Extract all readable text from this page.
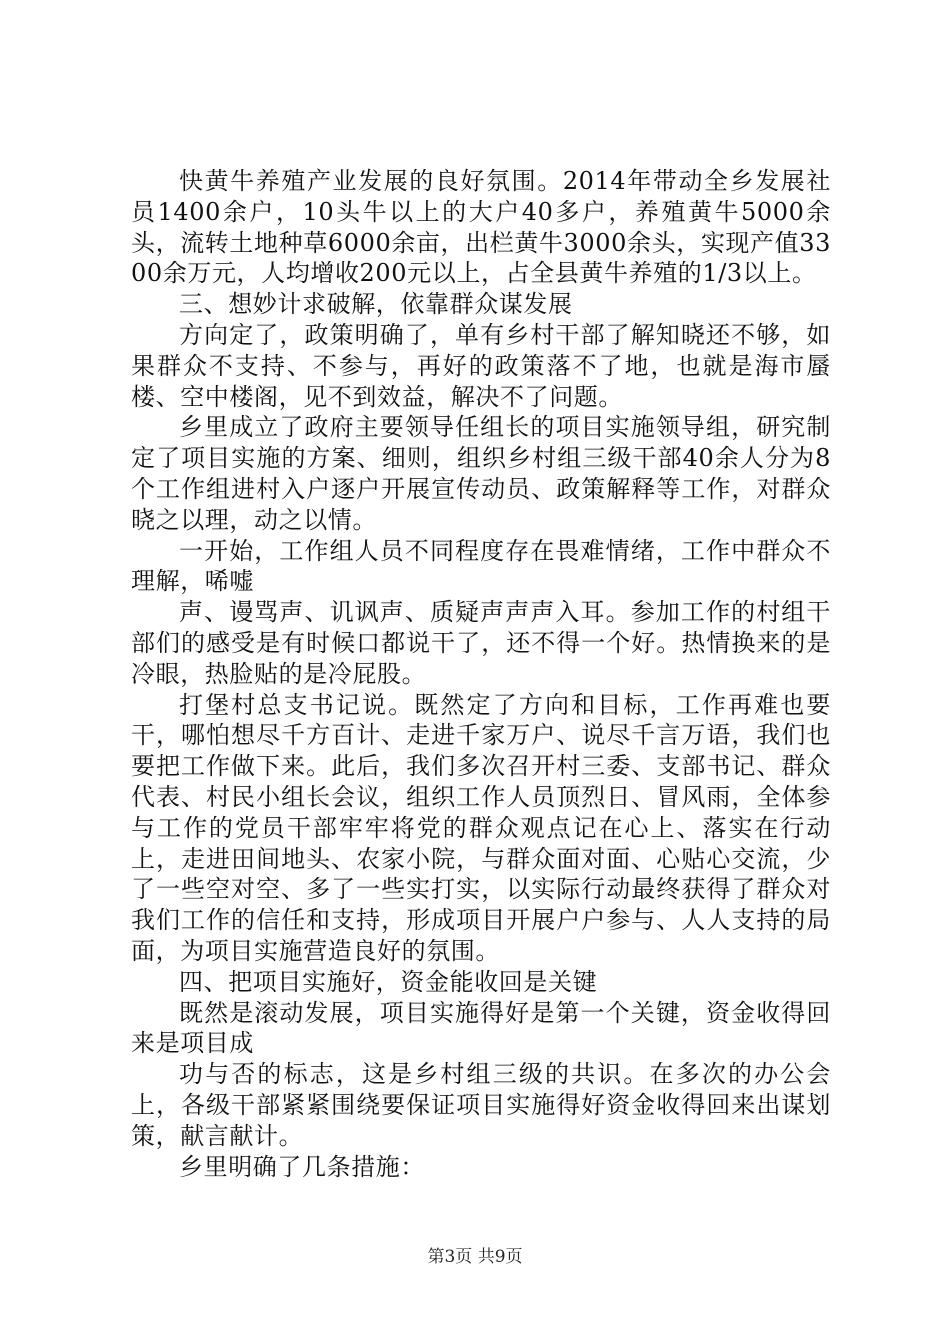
快黄牛养殖产业发展的良好氛围。2014年带动全乡发展社员1400余户，10头牛以上的大户40多户，养殖黄牛5000余头，流转土地种草6000余亩，出栏黄牛3000余头，实现产值3300余万元，人均增收200元以上，占全县黄牛养殖的1/3以上。

三、想妙计求破解，依靠群众谋发展

方向定了，政策明确了，单有乡村干部了解知晓还不够，如果群众不支持、不参与，再好的政策落不了地，也就是海市蜃楼、空中楼阁，见不到效益，解决不了问题。

乡里成立了政府主要领导任组长的项目实施领导组，研究制定了项目实施的方案、细则，组织乡村组三级干部40余人分为8个工作组进村入户逐户开展宣传动员、政策解释等工作，对群众晓之以理，动之以情。

一开始，工作组人员不同程度存在畏难情绪，工作中群众不理解，唏嘘

声、谩骂声、讥讽声、质疑声声声入耳。参加工作的村组干部们的感受是有时候口都说干了，还不得一个好。热情换来的是冷眼，热脸贴的是冷屁股。

打堡村总支书记说。既然定了方向和目标，工作再难也要干，哪怕想尽千方百计、走进千家万户、说尽千言万语，我们也要把工作做下来。此后，我们多次召开村三委、支部书记、群众代表、村民小组长会议，组织工作人员顶烈日、冒风雨，全体参与工作的党员干部牢牢将党的群众观点记在心上、落实在行动上，走进田间地头、农家小院，与群众面对面、心贴心交流，少了一些空对空、多了一些实打实，以实际行动最终获得了群众对我们工作的信任和支持，形成项目开展户户参与、人人支持的局面，为项目实施营造良好的氛围。

四、把项目实施好，资金能收回是关键

既然是滚动发展，项目实施得好是第一个关键，资金收得回来是项目成

功与否的标志，这是乡村组三级的共识。在多次的办公会上，各级干部紧紧围绕要保证项目实施得好资金收得回来出谋划策，献言献计。

乡里明确了几条措施：

第3页 共9页
